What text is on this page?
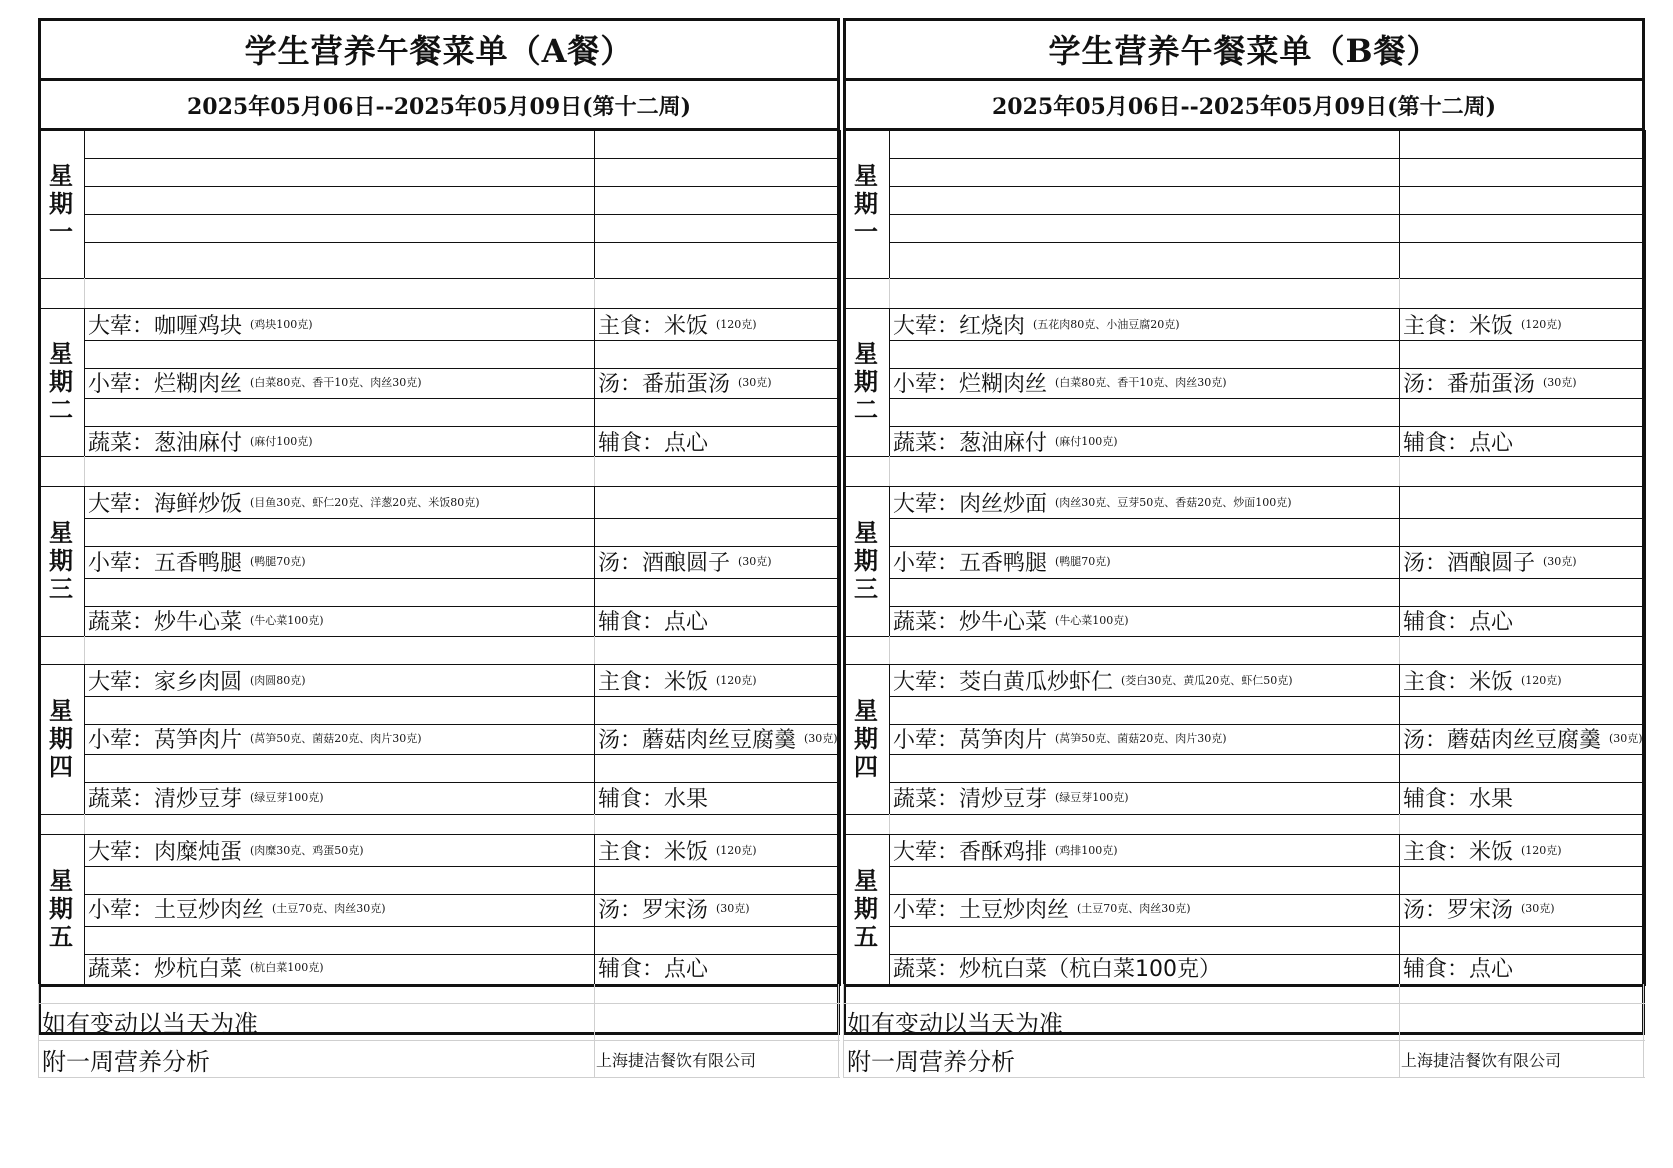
学生营养午餐菜单（A餐）
2025年05月06日--2025年05月09日(第十二周)
星
期
一
星
期
二
大荤：咖喱鸡块 (鸡块100克)	主食：米饭 (120克)
小荤：烂糊肉丝 (白菜80克、香干10克、肉丝30克)	汤：番茄蛋汤 (30克)
蔬菜：葱油麻付 (麻付100克)	辅食：点心
星
期
三
大荤：海鲜炒饭 (目鱼30克、虾仁20克、洋葱20克、米饭80克)
小荤：五香鸭腿 (鸭腿70克)	汤：酒酿圆子 (30克)
蔬菜：炒牛心菜 (牛心菜100克)	辅食：点心
星
期
四
大荤：家乡肉圆 (肉圆80克)	主食：米饭 (120克)
小荤：莴笋肉片 (莴笋50克、菌菇20克、肉片30克)	汤：蘑菇肉丝豆腐羹 (30克)
蔬菜：清炒豆芽 (绿豆芽100克)	辅食：水果
星
期
五
大荤：肉糜炖蛋 (肉糜30克、鸡蛋50克)	主食：米饭 (120克)
小荤：土豆炒肉丝 (土豆70克、肉丝30克)	汤：罗宋汤 (30克)
蔬菜：炒杭白菜 (杭白菜100克)	辅食：点心
如有变动以当天为准
附一周营养分析	上海捷洁餐饮有限公司
学生营养午餐菜单（B餐）
2025年05月06日--2025年05月09日(第十二周)
星
期
一
星
期
二
大荤：红烧肉 (五花肉80克、小油豆腐20克)	主食：米饭 (120克)
小荤：烂糊肉丝 (白菜80克、香干10克、肉丝30克)	汤：番茄蛋汤 (30克)
蔬菜：葱油麻付 (麻付100克)	辅食：点心
星
期
三
大荤：肉丝炒面 (肉丝30克、豆芽50克、香菇20克、炒面100克)
小荤：五香鸭腿 (鸭腿70克)	汤：酒酿圆子 (30克)
蔬菜：炒牛心菜 (牛心菜100克)	辅食：点心
星
期
四
大荤：茭白黄瓜炒虾仁 (茭白30克、黄瓜20克、虾仁50克)	主食：米饭 (120克)
小荤：莴笋肉片 (莴笋50克、菌菇20克、肉片30克)	汤：蘑菇肉丝豆腐羹 (30克)
蔬菜：清炒豆芽 (绿豆芽100克)	辅食：水果
星
期
五
大荤：香酥鸡排 (鸡排100克)	主食：米饭 (120克)
小荤：土豆炒肉丝 (土豆70克、肉丝30克)	汤：罗宋汤 (30克)
蔬菜：炒杭白菜（杭白菜100克）	辅食：点心
如有变动以当天为准
附一周营养分析	上海捷洁餐饮有限公司
